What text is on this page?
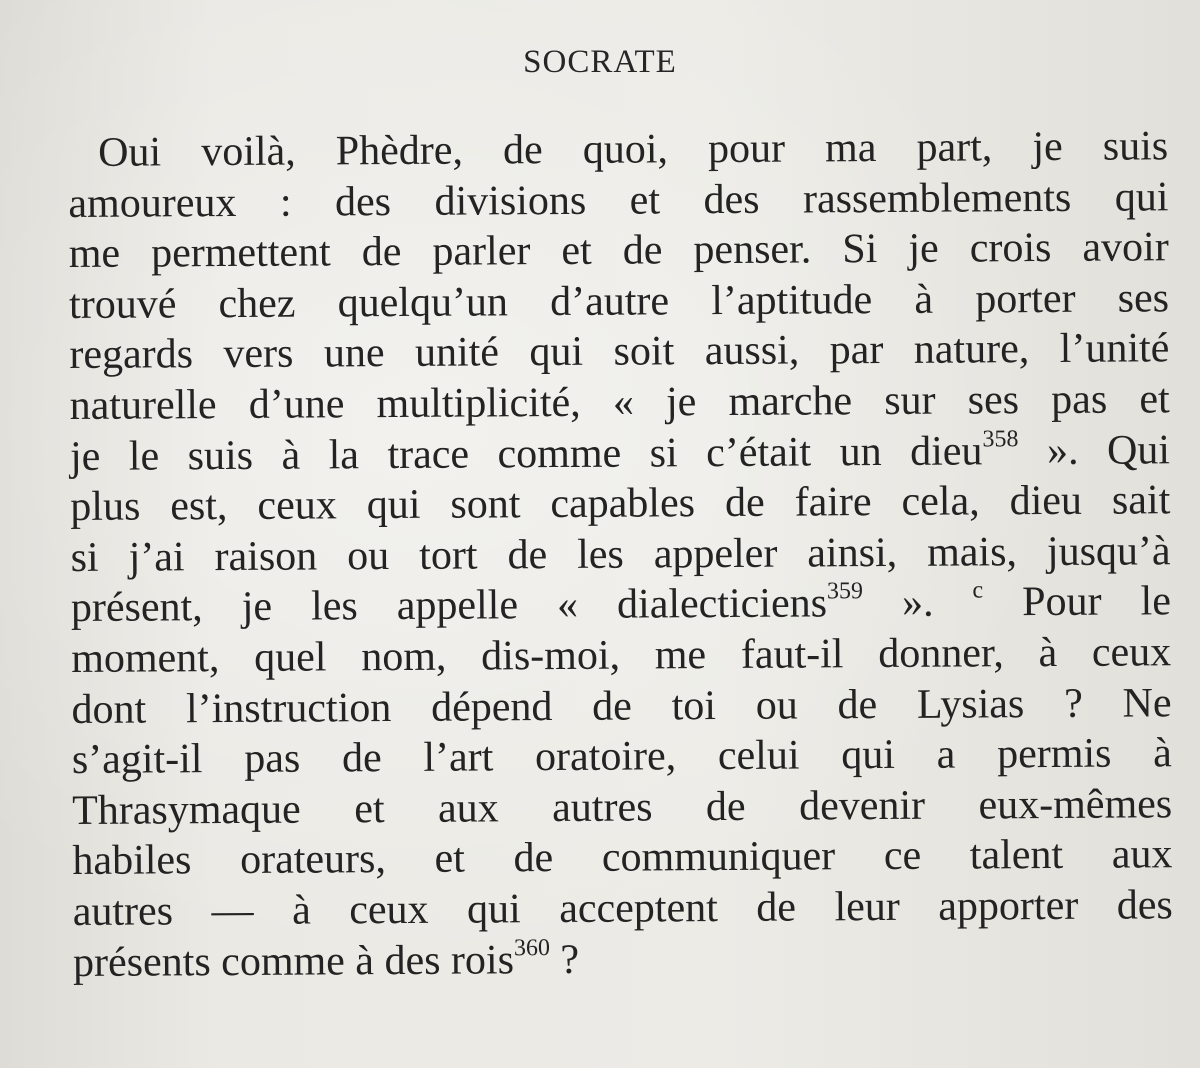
SOCRATE
Oui voilà, Phèdre, de quoi, pour ma part, je suis
amoureux : des divisions et des rassemblements qui
me permettent de parler et de penser. Si je crois avoir
trouvé chez quelqu’un d’autre l’aptitude à porter ses
regards vers une unité qui soit aussi, par nature, l’unité
naturelle d’une multiplicité, « je marche sur ses pas et
je le suis à la trace comme si c’était un dieu$^{358}$ ». Qui
plus est, ceux qui sont capables de faire cela, dieu sait
si j’ai raison ou tort de les appeler ainsi, mais, jusqu’à
présent, je les appelle « dialecticiens$^{359}$ ». $^c$ Pour le
moment, quel nom, dis-moi, me faut-il donner, à ceux
dont l’instruction dépend de toi ou de Lysias ? Ne
s’agit-il pas de l’art oratoire, celui qui a permis à
Thrasymaque et aux autres de devenir eux-mêmes
habiles orateurs, et de communiquer ce talent aux
autres — à ceux qui acceptent de leur apporter des
présents comme à des rois$^{360}$ ?
